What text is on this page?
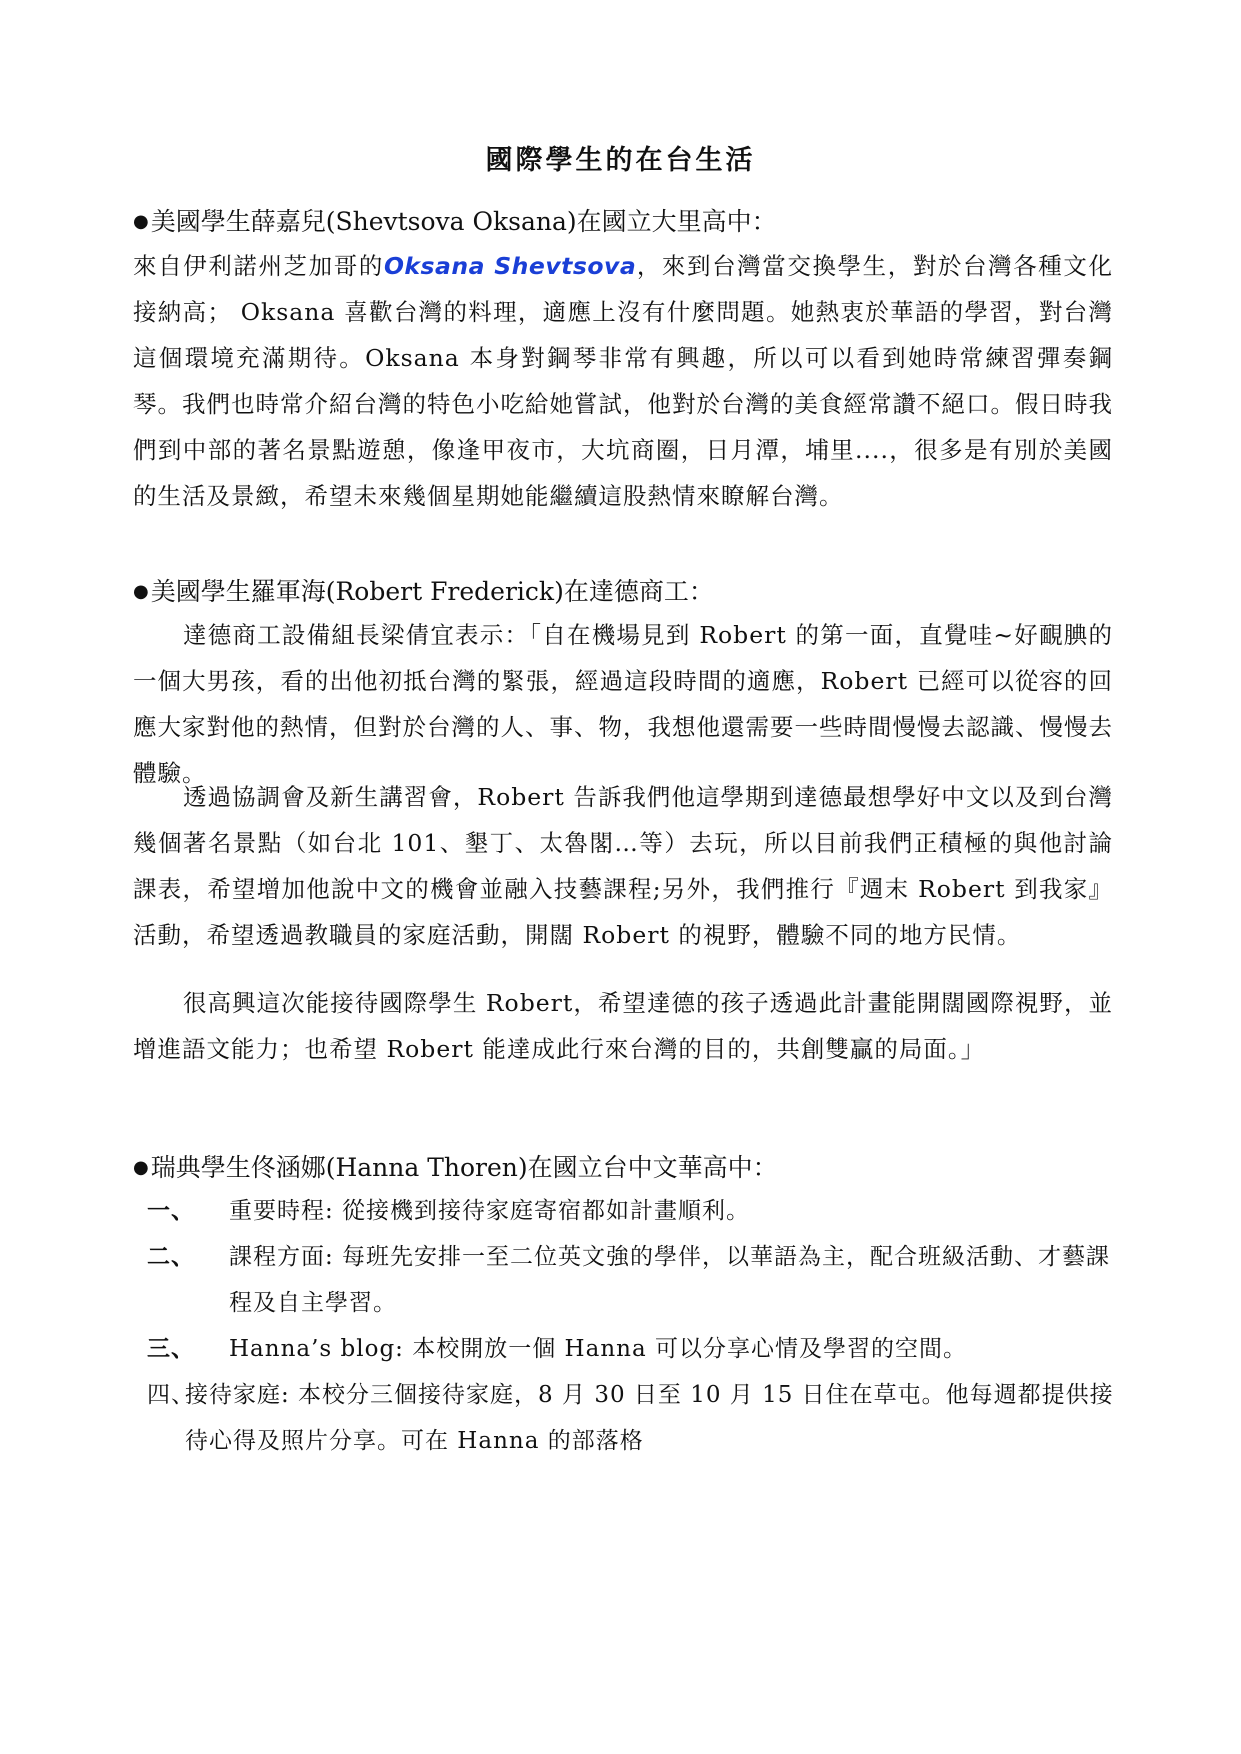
國際學生的在台生活
●美國學生薛嘉兒(Shevtsova Oksana)在國立大里高中：

來自伊利諾州芝加哥的Oksana Shevtsova，來到台灣當交換學生，對於台灣各種文化接納高； Oksana 喜歡台灣的料理，適應上沒有什麼問題。她熱衷於華語的學習，對台灣這個環境充滿期待。Oksana 本身對鋼琴非常有興趣，所以可以看到她時常練習彈奏鋼琴。我們也時常介紹台灣的特色小吃給她嘗試，他對於台灣的美食經常讚不絕口。假日時我們到中部的著名景點遊憩，像逢甲夜市，大坑商圈，日月潭，埔里....，很多是有別於美國的生活及景緻，希望未來幾個星期她能繼續這股熱情來瞭解台灣。

●美國學生羅軍海(Robert Frederick)在達德商工：

達德商工設備組長梁倩宜表示：「自在機場見到 Robert 的第一面，直覺哇~好靦腆的一個大男孩，看的出他初抵台灣的緊張，經過這段時間的適應，Robert 已經可以從容的回應大家對他的熱情，但對於台灣的人、事、物，我想他還需要一些時間慢慢去認識、慢慢去體驗。

透過協調會及新生講習會，Robert 告訴我們他這學期到達德最想學好中文以及到台灣幾個著名景點（如台北 101、墾丁、太魯閣…等）去玩，所以目前我們正積極的與他討論課表，希望增加他說中文的機會並融入技藝課程;另外，我們推行『週末 Robert 到我家』活動，希望透過教職員的家庭活動，開闊 Robert 的視野，體驗不同的地方民情。

很高興這次能接待國際學生 Robert，希望達德的孩子透過此計畫能開闊國際視野，並增進語文能力；也希望 Robert 能達成此行來台灣的目的，共創雙贏的局面。」

●瑞典學生佟涵娜(Hanna Thoren)在國立台中文華高中：
一、	重要時程: 從接機到接待家庭寄宿都如計畫順利。
二、	課程方面: 每班先安排一至二位英文強的學伴，以華語為主，配合班級活動、才藝課程及自主學習。
三、	Hanna’s blog: 本校開放一個 Hanna 可以分享心情及學習的空間。
四、
接待家庭: 本校分三個接待家庭，8 月 30 日至 10 月 15 日住在草屯。他每週都提供接待心得及照片分享。可在 Hanna 的部落格
